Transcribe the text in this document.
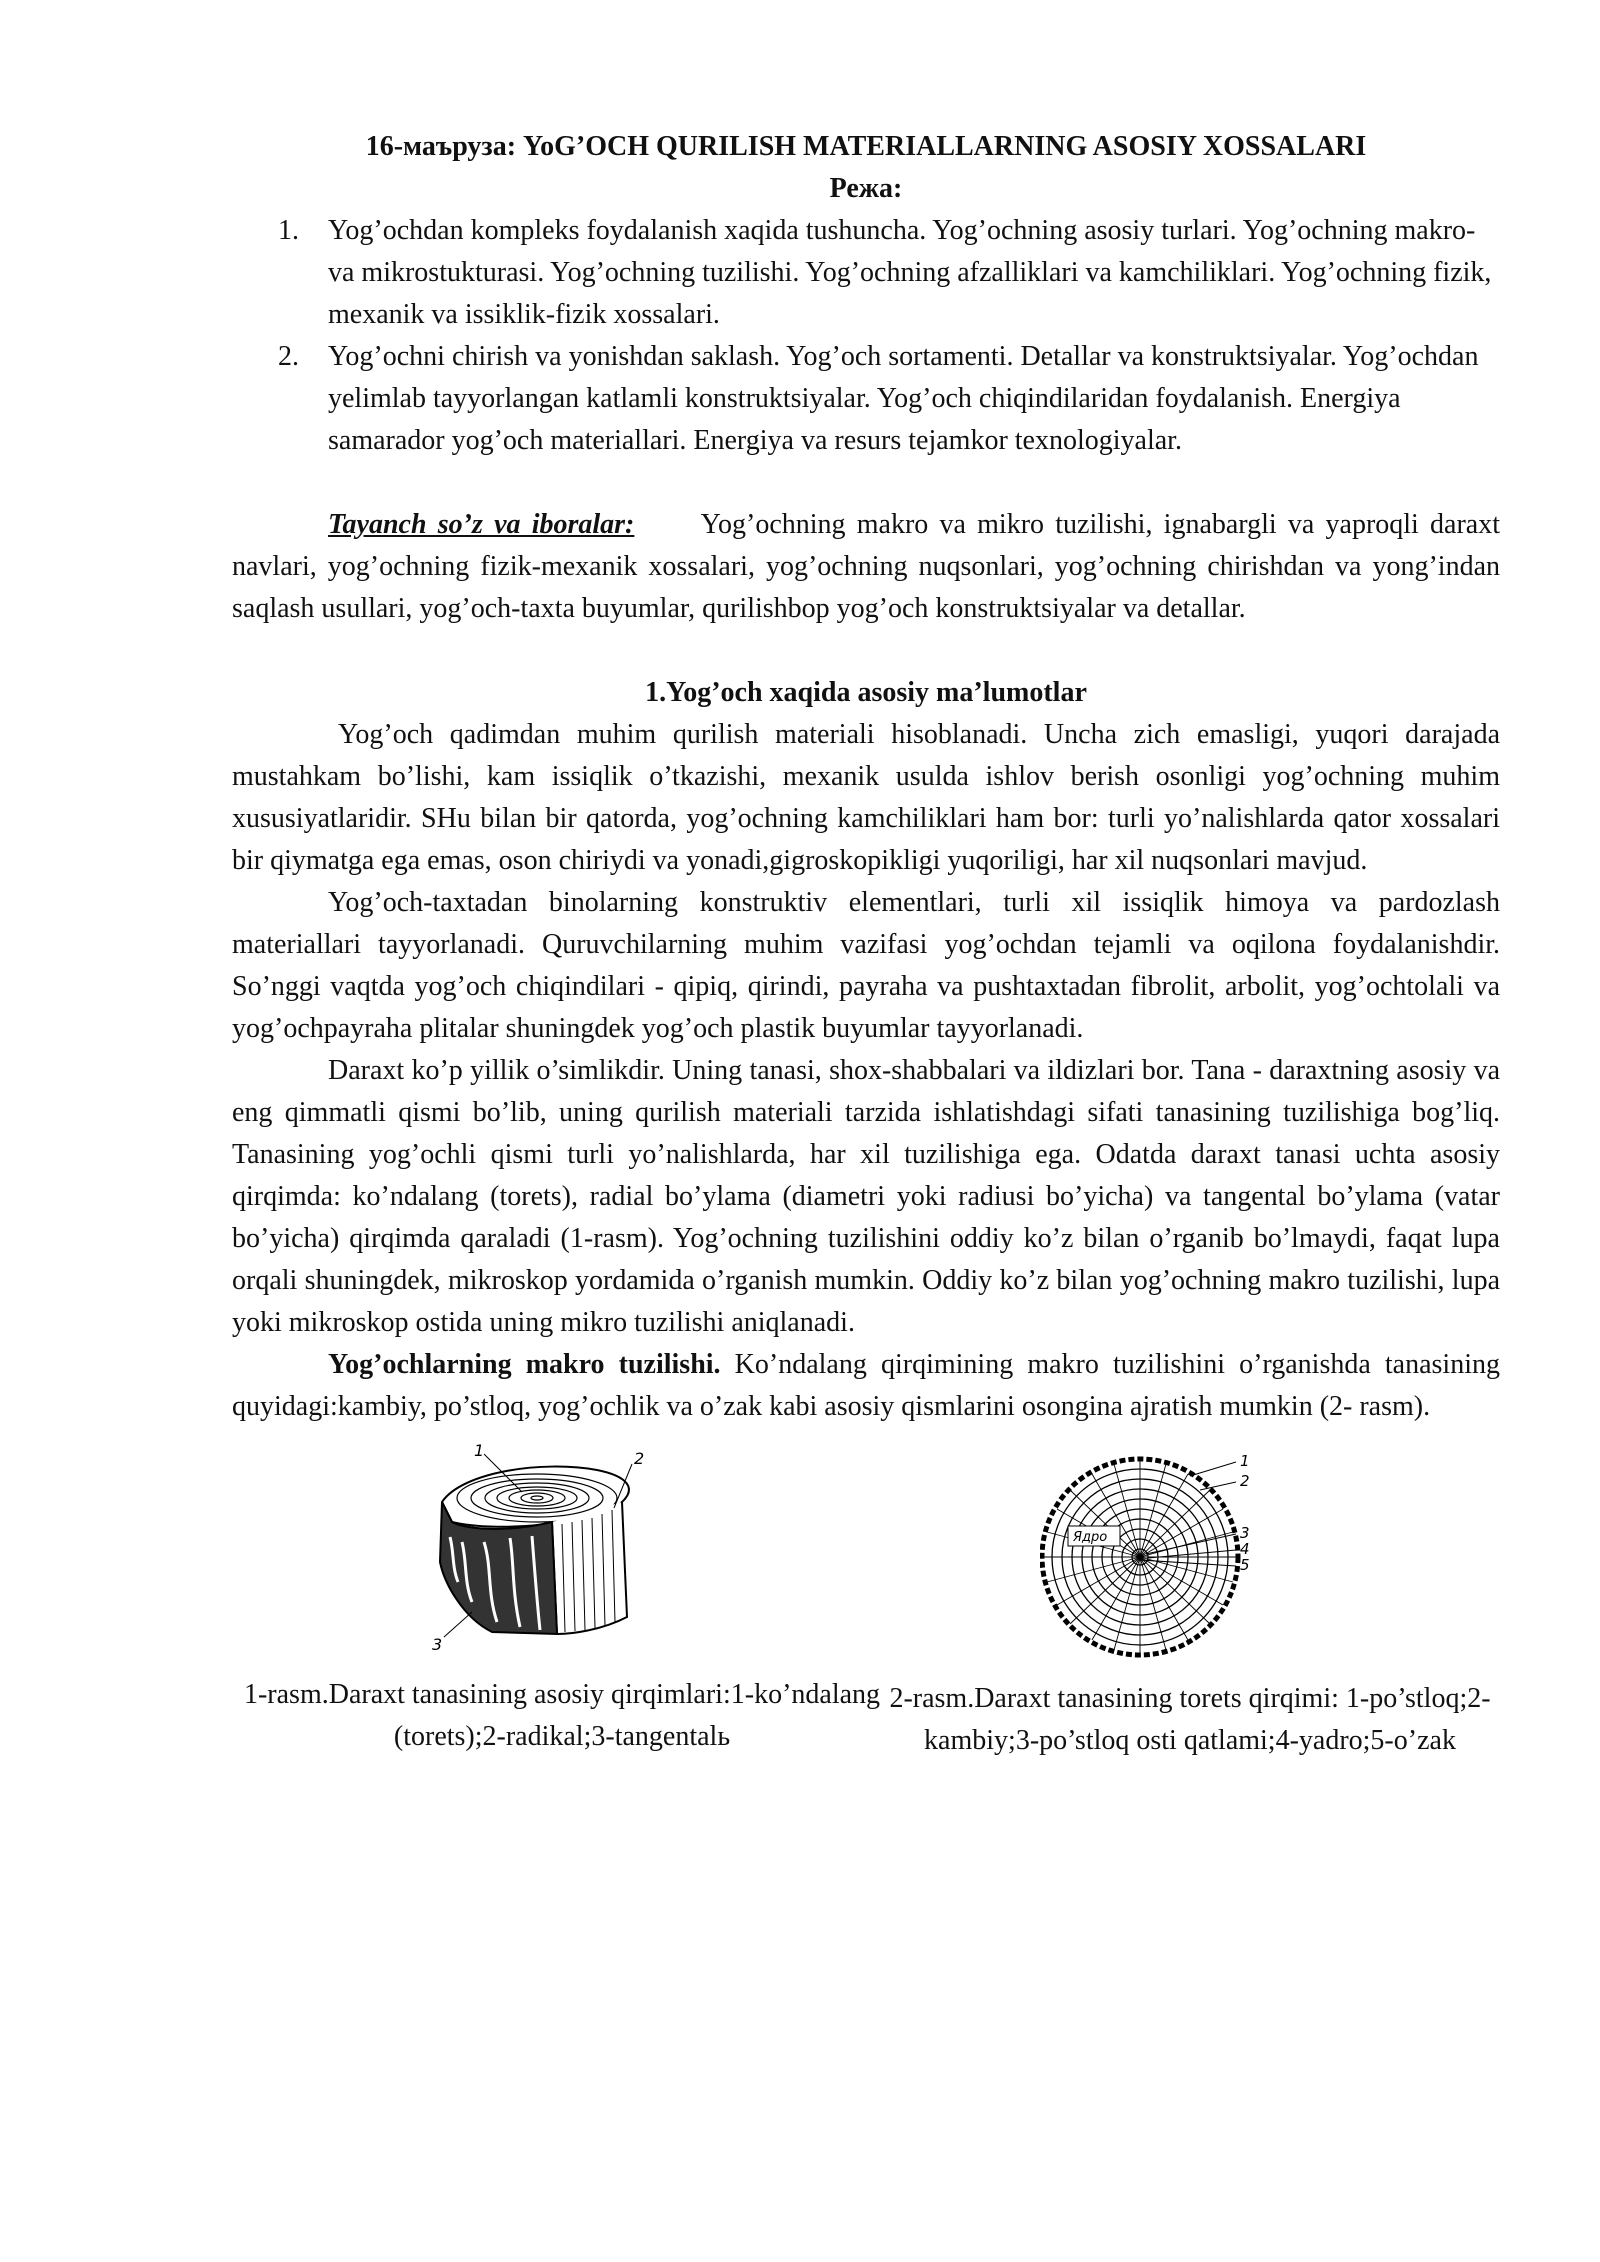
16-маъруза: YoG’OCH QURILISH MATERIALLARNING ASOSIY XOSSALARI

Режа:

1. Yog’ochdan kompleks foydalanish xaqida tushuncha. Yog’ochning asosiy turlari. Yog’ochning makro- va mikrostukturasi. Yog’ochning tuzilishi. Yog’ochning afzalliklari va kamchiliklari. Yog’ochning fizik, mexanik va issiklik-fizik xossalari.
2. Yog’ochni chirish va yonishdan saklash. Yog’och sortamenti. Detallar va konstruktsiyalar. Yog’ochdan yelimlab tayyorlangan katlamli konstruktsiyalar. Yog’och chiqindilaridan foydalanish. Energiya samarador yog’och materiallari. Energiya va resurs tejamkor texnologiyalar.

Tayanch so’z va iboralar: Yog’ochning makro va mikro tuzilishi, ignabargli va yaproqli daraxt navlari, yog’ochning fizik-mexanik xossalari, yog’ochning nuqsonlari, yog’ochning chirishdan va yong’indan saqlash usullari, yog’och-taxta buyumlar, qurilishbop yog’och konstruktsiyalar va detallar.

1.Yog’och xaqida asosiy ma’lumotlar

Yog’och qadimdan muhim qurilish materiali hisoblanadi. Uncha zich emasligi, yuqori darajada mustahkam bo’lishi, kam issiqlik o’tkazishi, mexanik usulda ishlov berish osonligi yog’ochning muhim xususiyatlaridir. SHu bilan bir qatorda, yog’ochning kamchiliklari ham bor: turli yo’nalishlarda qator xossalari bir qiymatga ega emas, oson chiriydi va yonadi,gigroskopikligi yuqoriligi, har xil nuqsonlari mavjud.

Yog’och-taxtadan binolarning konstruktiv elementlari, turli xil issiqlik himoya va pardozlash materiallari tayyorlanadi. Quruvchilarning muhim vazifasi yog’ochdan tejamli va oqilona foydalanishdir. So’nggi vaqtda yog’och chiqindilari - qipiq, qirindi, payraha va pushtaxtadan fibrolit, arbolit, yog’ochtolali va yog’ochpayraha plitalar shuningdek yog’och plastik buyumlar tayyorlanadi.

Daraxt ko’p yillik o’simlikdir. Uning tanasi, shox-shabbalari va ildizlari bor. Tana - daraxtning asosiy va eng qimmatli qismi bo’lib, uning qurilish materiali tarzida ishlatishdagi sifati tanasining tuzilishiga bog’liq. Tanasining yog’ochli qismi turli yo’nalishlarda, har xil tuzilishiga ega. Odatda daraxt tanasi uchta asosiy qirqimda: ko’ndalang (torets), radial bo’ylama (diametri yoki radiusi bo’yicha) va tangental bo’ylama (vatar bo’yicha) qirqimda qaraladi (1-rasm). Yog’ochning tuzilishini oddiy ko’z bilan o’rganib bo’lmaydi, faqat lupa orqali shuningdek, mikroskop yordamida o’rganish mumkin. Oddiy ko’z bilan yog’ochning makro tuzilishi, lupa yoki mikroskop ostida uning mikro tuzilishi aniqlanadi.

Yog’ochlarning makro tuzilishi. Ko’ndalang qirqimining makro tuzilishini o’rganishda tanasining quyidagi:kambiy, po’stloq, yog’ochlik va o’zak kabi asosiy qismlarini osongina ajratish mumkin (2- rasm).

1	2
3

1-rasm.Daraxt tanasining asosiy qirqimlari:1-ko’ndalang (torets);2-radikal;3-tangentalь

Ядро
1
2
3
4
5

2-rasm.Daraxt tanasining torets qirqimi: 1-po’stloq;2-kambiy;3-po’stloq osti qatlami;4-yadro;5-o’zak
